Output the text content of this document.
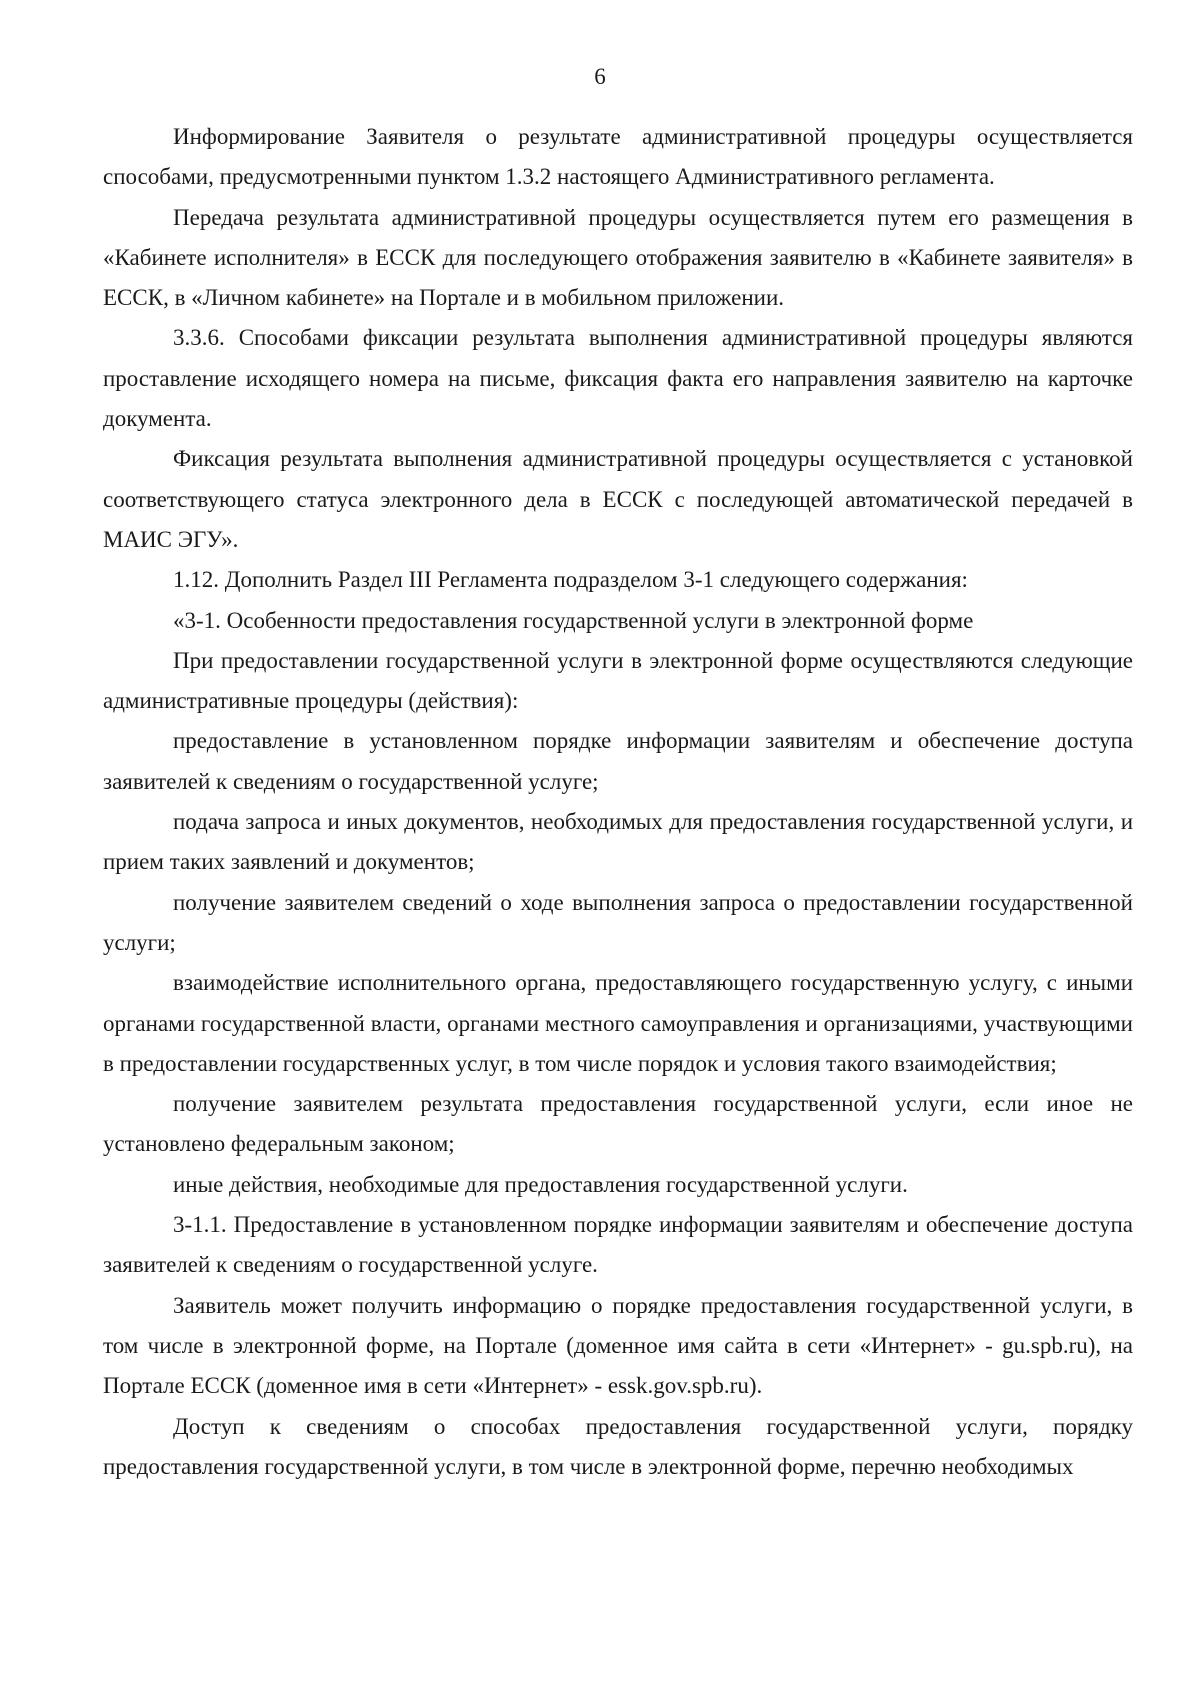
6

Информирование Заявителя о результате административной процедуры осуществляется способами, предусмотренными пунктом 1.3.2 настоящего Административного регламента.

Передача результата административной процедуры осуществляется путем его размещения в «Кабинете исполнителя» в ЕССК для последующего отображения заявителю в «Кабинете заявителя» в ЕССК, в «Личном кабинете» на Портале и в мобильном приложении.

3.3.6. Способами фиксации результата выполнения административной процедуры являются проставление исходящего номера на письме, фиксация факта его направления заявителю на карточке документа.

Фиксация результата выполнения административной процедуры осуществляется с установкой соответствующего статуса электронного дела в ЕССК с последующей автоматической передачей в МАИС ЭГУ».

1.12. Дополнить Раздел III Регламента подразделом 3-1 следующего содержания:

«3-1. Особенности предоставления государственной услуги в электронной форме

При предоставлении государственной услуги в электронной форме осуществляются следующие административные процедуры (действия):

предоставление в установленном порядке информации заявителям и обеспечение доступа заявителей к сведениям о государственной услуге;

подача запроса и иных документов, необходимых для предоставления государственной услуги, и прием таких заявлений и документов;

получение заявителем сведений о ходе выполнения запроса о предоставлении государственной услуги;

взаимодействие исполнительного органа, предоставляющего государственную услугу, с иными органами государственной власти, органами местного самоуправления и организациями, участвующими в предоставлении государственных услуг, в том числе порядок и условия такого взаимодействия;

получение заявителем результата предоставления государственной услуги, если иное не установлено федеральным законом;

иные действия, необходимые для предоставления государственной услуги.

3-1.1. Предоставление в установленном порядке информации заявителям и обеспечение доступа заявителей к сведениям о государственной услуге.

Заявитель может получить информацию о порядке предоставления государственной услуги, в том числе в электронной форме, на Портале (доменное имя сайта в сети «Интернет» - gu.spb.ru), на Портале ЕССК (доменное имя в сети «Интернет» - essk.gov.spb.ru).

Доступ к сведениям о способах предоставления государственной услуги, порядку предоставления государственной услуги, в том числе в электронной форме, перечню необходимых
